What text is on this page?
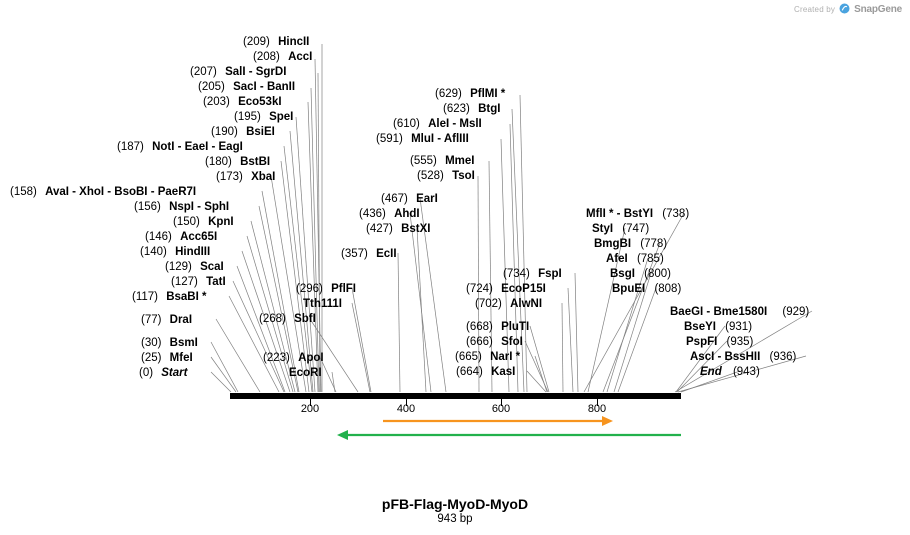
Created by SnapGene
200	400	600	800
(209) HincII
(208) AccI
(207) SalI - SgrDI
(205) SacI - BanII
(203) Eco53kI
(195) SpeI
(190) BsiEI
(187) NotI - EaeI - EagI
(180) BstBI
(173) XbaI
(158) AvaI - XhoI - BsoBI - PaeR7I
(156) NspI - SphI
(150) KpnI
(146) Acc65I
(140) HindIII
(129) ScaI
(127) TatI
(117) BsaBI *
(77) DraI
(30) BsmI
(25) MfeI
(0) Start
(296) PflFI
Tth111I
(268) SbfI
(223) ApoI
EcoRI
(357) EcII
(467) EarI
(436) AhdI
(427) BstXI
(629) PflMI *
(623) BtgI
(610) AleI - MslI
(591) MluI - AflIII
(555) MmeI
(528) TsoI
(734) FspI
(724) EcoP15I
(702) AlwNI
(668) PluTI
(666) SfoI
(665) NarI *
(664) KasI
MflI * - BstYI (738)
StyI (747)
BmgBI (778)
AfeI (785)
BsgI (800)
BpuEI (808)
BaeGI - Bme1580I (929)
BseYI (931)
PspFI (935)
AscI - BssHII (936)
End (943)
pFB-Flag-MyoD-MyoD
943 bp
